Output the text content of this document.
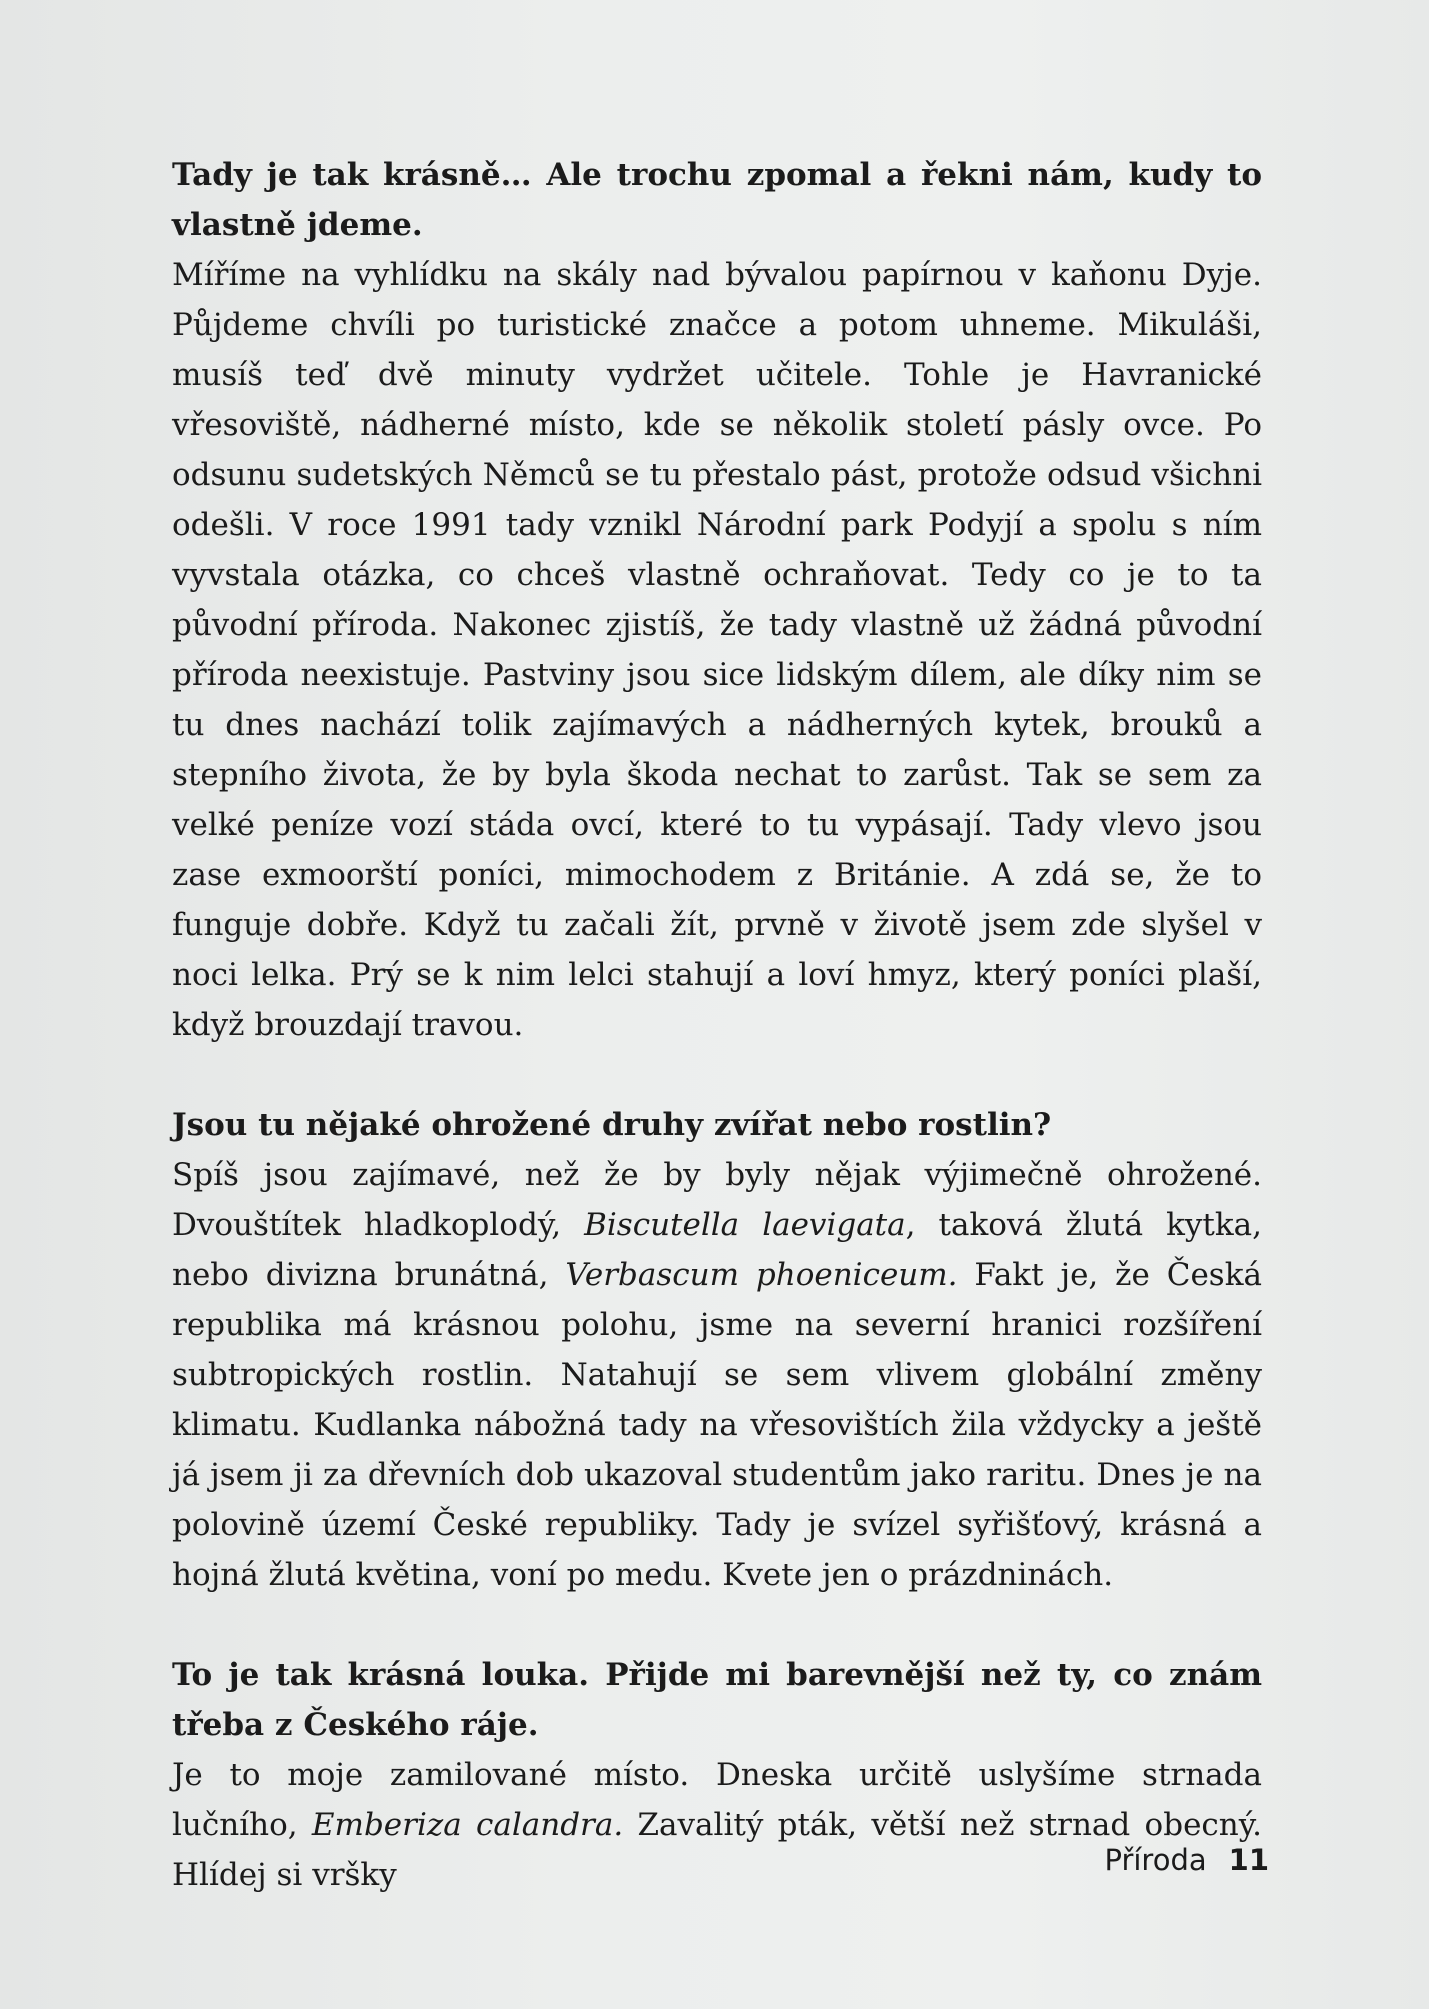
Tady je tak krásně… Ale trochu zpomal a řekni nám, kudy to vlastně jdeme.

Míříme na vyhlídku na skály nad bývalou papírnou v kaňonu Dyje. Půjdeme chvíli po turistické značce a potom uhneme. Mikuláši, musíš teď dvě minuty vydržet učitele. Tohle je Havranické vřesoviště, nádherné místo, kde se několik století pásly ovce. Po odsunu sudetských Němců se tu přestalo pást, protože odsud všichni odešli. V roce 1991 tady vznikl Národní park Podyjí a spolu s ním vyvstala otázka, co chceš vlastně ochraňovat. Tedy co je to ta původní příroda. Nakonec zjistíš, že tady vlastně už žádná původní příroda neexistuje. Pastviny jsou sice lidským dílem, ale díky nim se tu dnes nachází tolik zajímavých a nádherných kytek, brouků a stepního života, že by byla škoda nechat to zarůst. Tak se sem za velké peníze vozí stáda ovcí, které to tu vypásají. Tady vlevo jsou zase exmoorští poníci, mimochodem z Británie. A zdá se, že to funguje dobře. Když tu začali žít, prvně v životě jsem zde slyšel v noci lelka. Prý se k nim lelci stahují a loví hmyz, který poníci plaší, když brouzdají travou.

Jsou tu nějaké ohrožené druhy zvířat nebo rostlin?

Spíš jsou zajímavé, než že by byly nějak výjimečně ohrožené. Dvouštítek hladkoplodý, Biscutella laevigata, taková žlutá kytka, nebo divizna brunátná, Verbascum phoeniceum. Fakt je, že Česká republika má krásnou polohu, jsme na severní hranici rozšíření subtropických rostlin. Natahují se sem vlivem globální změny klimatu. Kudlanka nábožná tady na vřesovištích žila vždycky a ještě já jsem ji za dřevních dob ukazoval studentům jako raritu. Dnes je na polovině území České republiky. Tady je svízel syřišťový, krásná a hojná žlutá květina, voní po medu. Kvete jen o prázdninách.

To je tak krásná louka. Přijde mi barevnější než ty, co znám třeba z Českého ráje.

Je to moje zamilované místo. Dneska určitě uslyšíme strnada lučního, Emberiza calandra. Zavalitý pták, větší než strnad obecný. Hlídej si vršky	Příroda 11
